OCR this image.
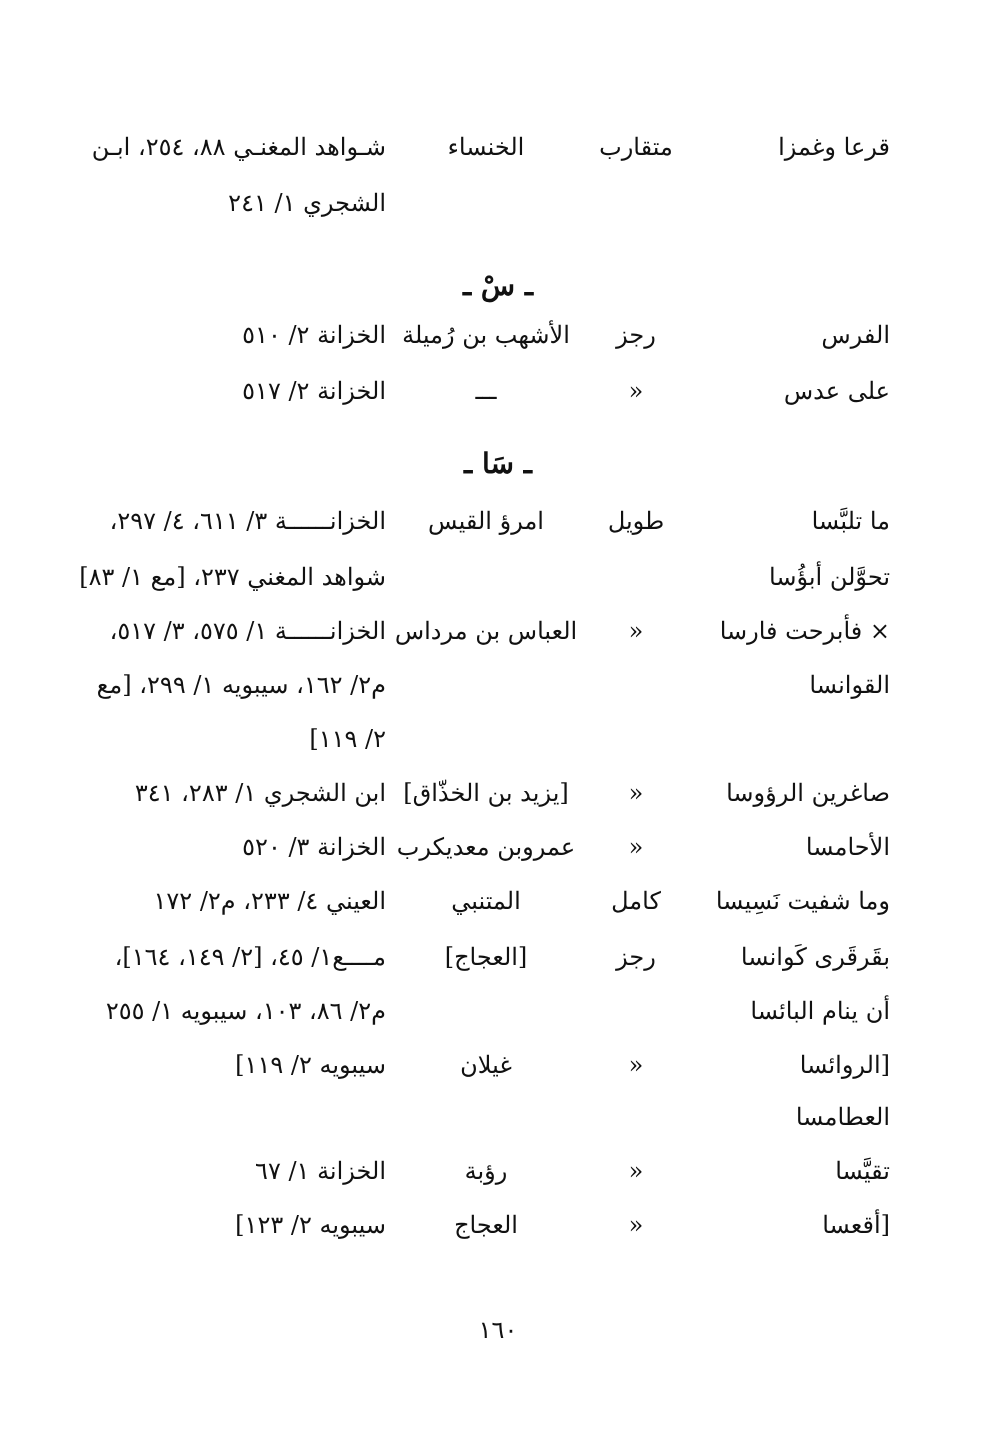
قرعا وغمزا
متقارب
الخنساء
شـواهد المغنـي ٨٨، ٢٥٤، ابـن
الشجري ١/ ٢٤١
ـ سْ ـ
الفرس
رجز
الأشهب بن رُميلة
الخزانة ٢/ ٥١٠
على عدس
«
ـــ
الخزانة ٢/ ٥١٧
ـ سَا ـ
ما تلبَّسا
طويل
امرؤ القيس
الخزانــــــة ٣/ ٦١١، ٤/ ٢٩٧،
تحوَّلن أبؤُسا
شواهد المغني ٢٣٧، [مع ١/ ٨٣]
× فأبرحت فارسا
«
العباس بن مرداس
الخزانــــــة ١/ ٥٧٥، ٣/ ٥١٧،
القوانسا
م٢/ ١٦٢، سيبويه ١/ ٢٩٩، [مع
٢/ ١١٩]
صاغرين الرؤوسا
«
[يزيد بن الخذّاق]
ابن الشجري ١/ ٢٨٣، ٣٤١
الأحامسا
«
عمروبن معديكرب
الخزانة ٣/ ٥٢٠
وما شفيت نَسِيسا
كامل
المتنبي
العيني ٤/ ٢٣٣، م٢/ ١٧٢
بقَرقَرى كَوانسا
رجز
[العجاج]
مــــع١/ ٤٥، [٢/ ١٤٩، ١٦٤]،
أن ينام البائسا
م٢/ ٨٦، ١٠٣، سيبويه ١/ ٢٥٥
[الروائسا
«
غيلان
سيبويه ٢/ ١١٩]
العطامسا
تقيَّسا
«
رؤبة
الخزانة ١/ ٦٧
[أقعسا
«
العجاج
سيبويه ٢/ ١٢٣]
١٦٠
